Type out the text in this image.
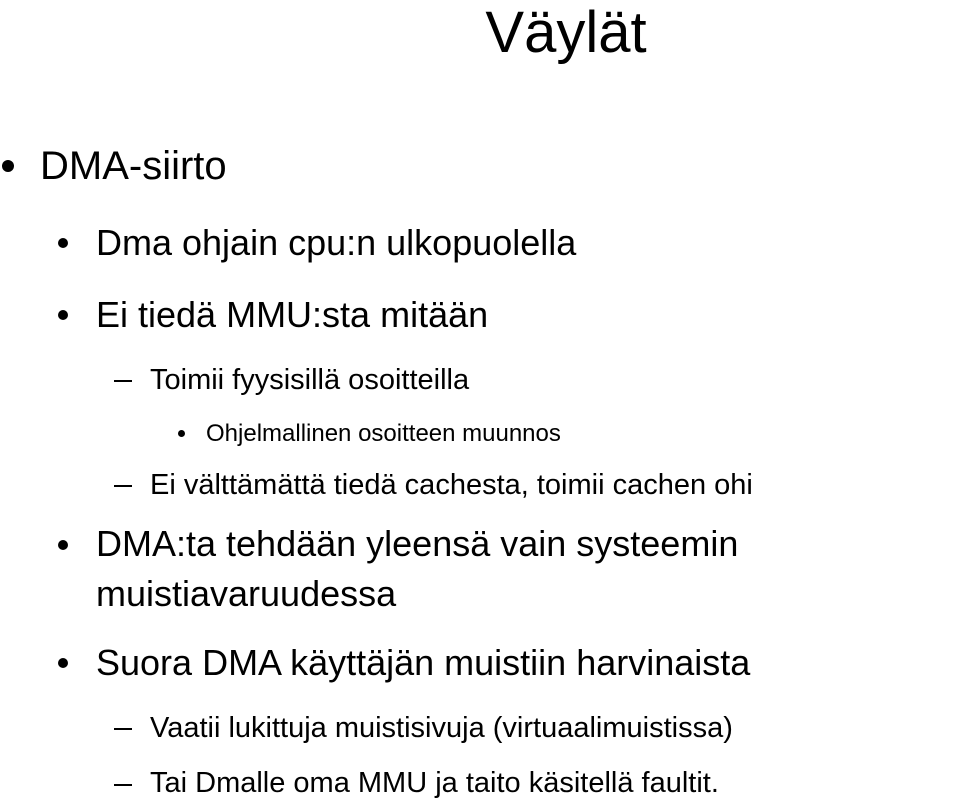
Väylät
DMA-siirto
Dma ohjain cpu:n ulkopuolella
Ei tiedä MMU:sta mitään
Toimii fyysisillä osoitteilla
Ohjelmallinen osoitteen muunnos
Ei välttämättä tiedä cachesta, toimii cachen ohi
DMA:ta tehdään yleensä vain systeemin
muistiavaruudessa
Suora DMA käyttäjän muistiin harvinaista
Vaatii lukittuja muistisivuja (virtuaalimuistissa)
Tai Dmalle oma MMU ja taito käsitellä faultit.
